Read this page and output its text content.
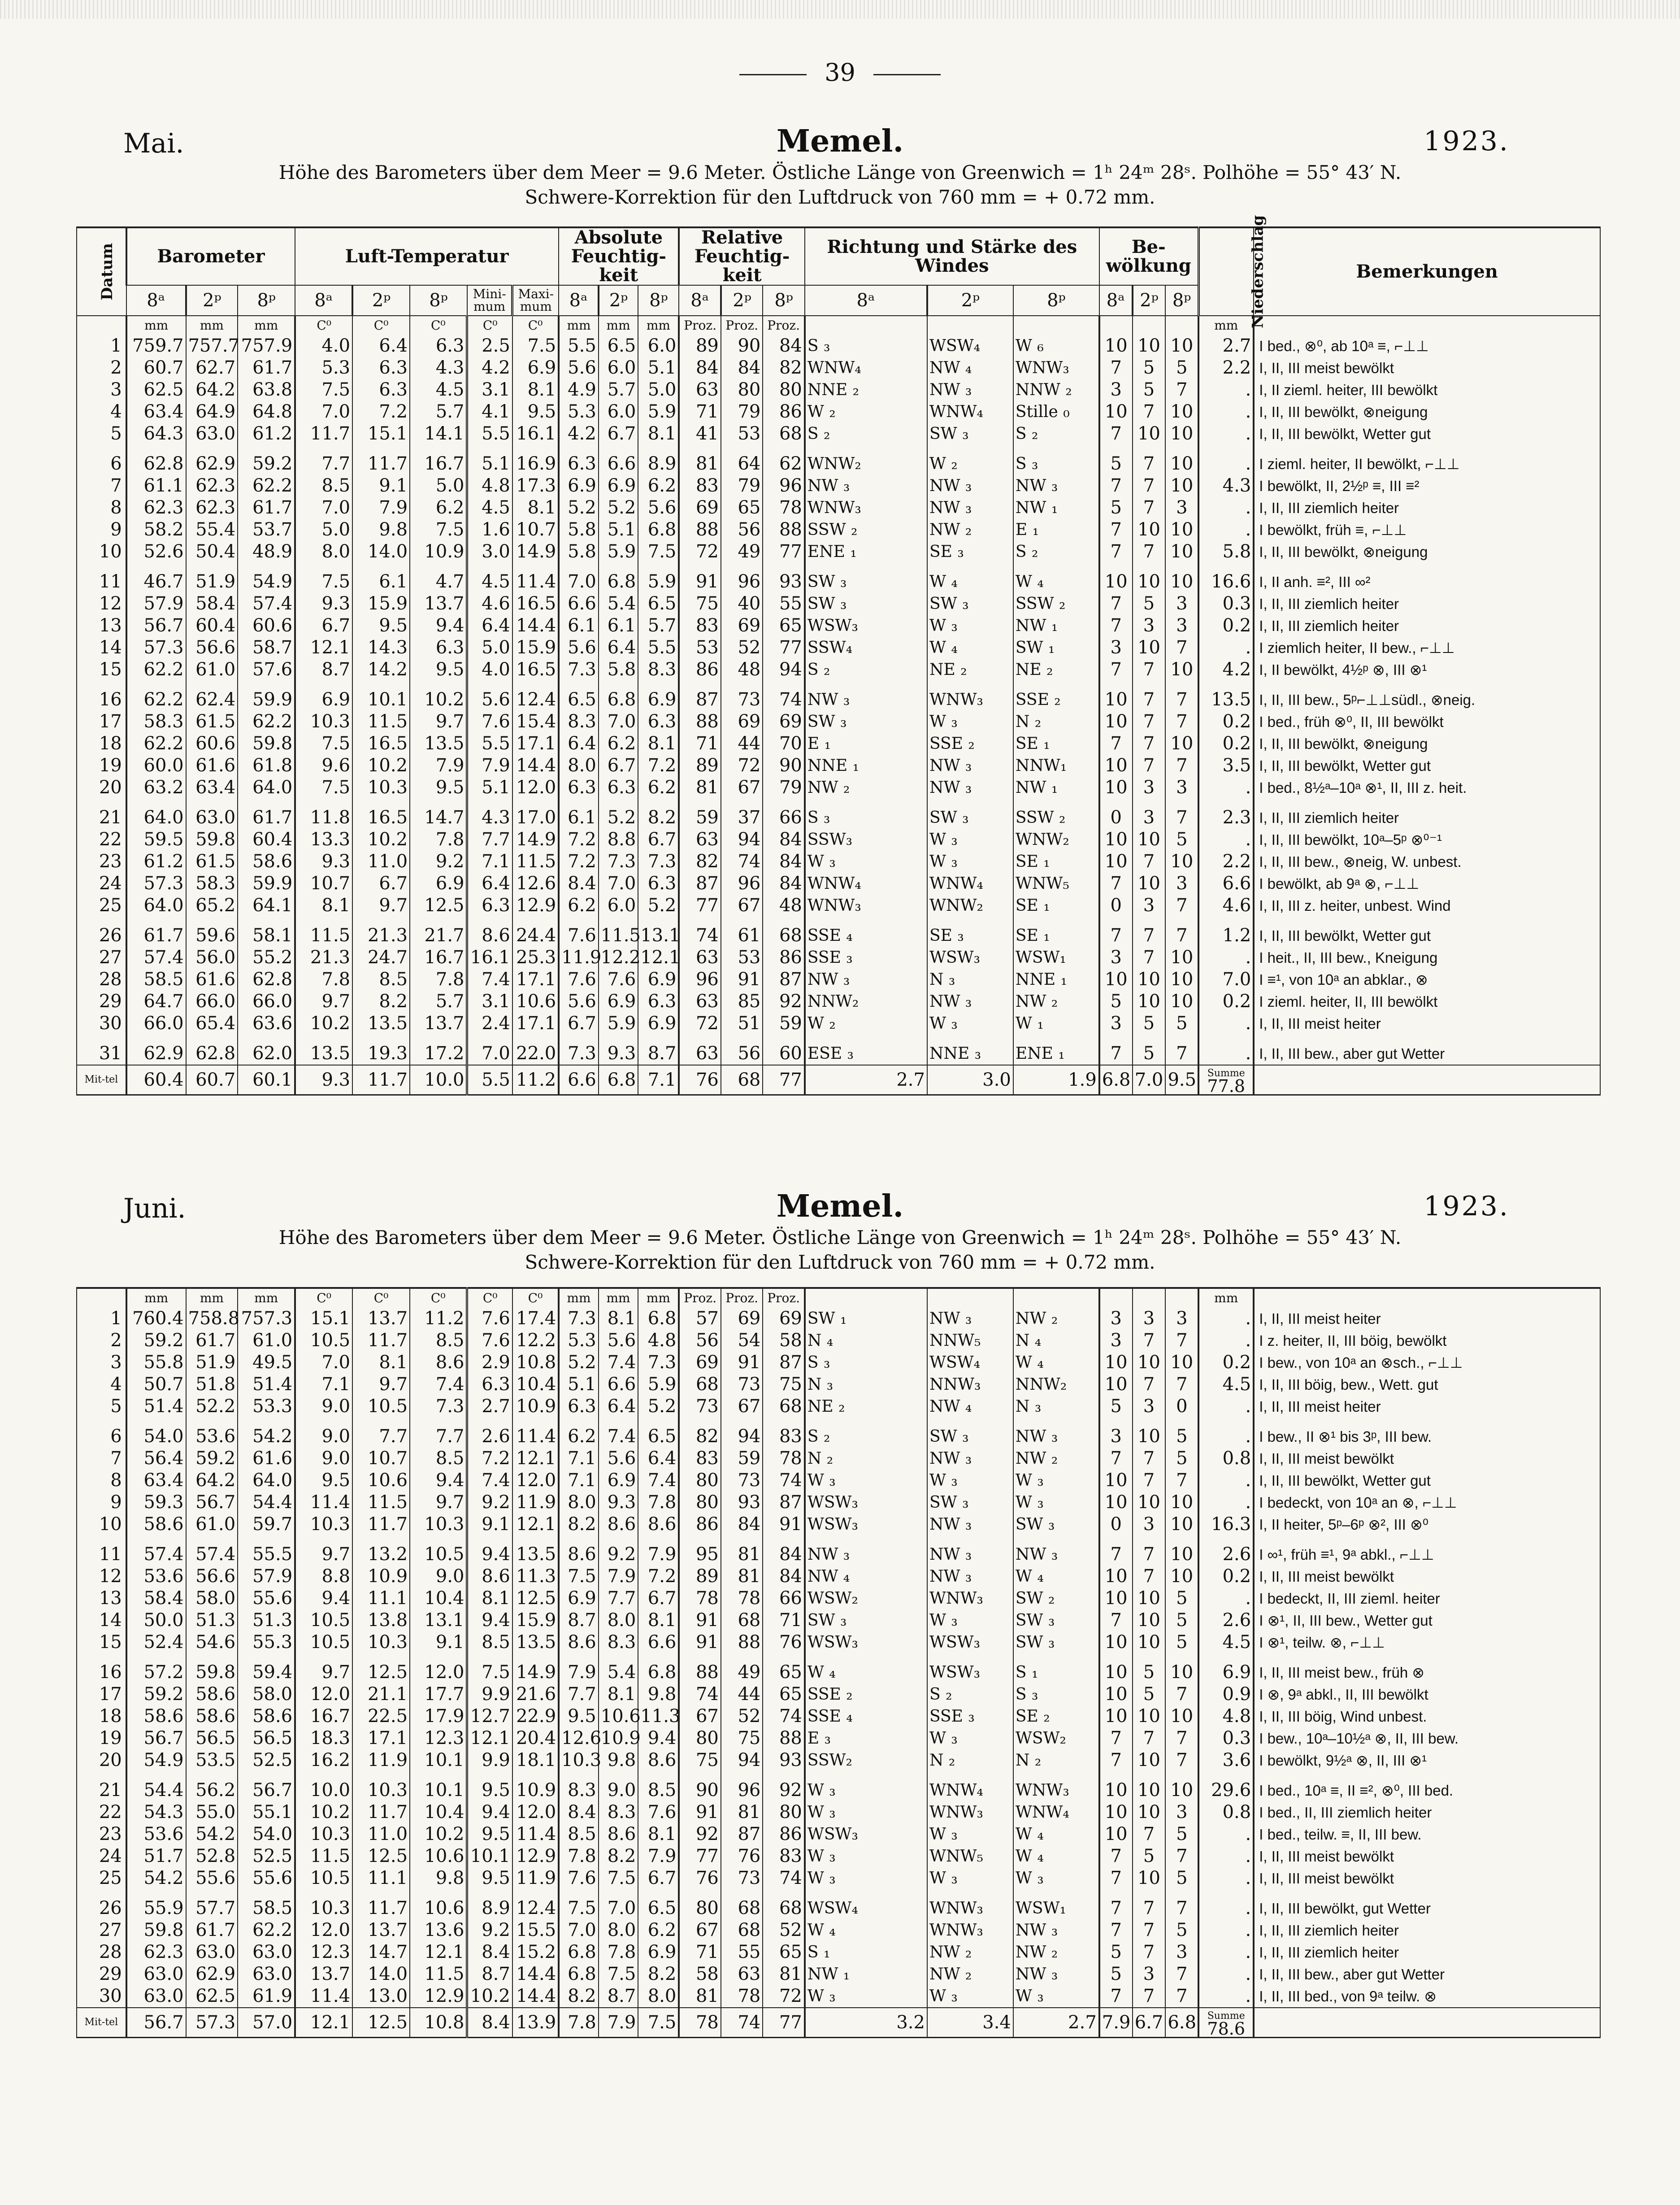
39
Mai.	Memel.	1923.
Höhe des Barometers über dem Meer = 9.6 Meter. Östliche Länge von Greenwich = 1ʰ 24ᵐ 28ˢ. Polhöhe = 55° 43′ N.
Schwere-Korrektion für den Luftdruck von 760 mm = + 0.72 mm.
Datum	Barometer			Luft-Temperatur					Absolute Feuchtig-keit			Relative Feuchtig-keit			Richtung und Stärke des Windes			Be-wölkung			Niederschlag	Bemerkungen
	8ᵃ	2ᵖ	8ᵖ	8ᵃ	2ᵖ	8ᵖ	Mini-mum	Maxi-mum	8ᵃ	2ᵖ	8ᵖ	8ᵃ	2ᵖ	8ᵖ	8ᵃ	2ᵖ	8ᵖ	8ᵃ	2ᵖ	8ᵖ		
	mm	mm	mm	C⁰	C⁰	C⁰	C⁰	C⁰	mm	mm	mm	Proz.	Proz.	Proz.							mm	
1	759.7	757.7	757.9	4.0	6.4	6.3	2.5	7.5	5.5	6.5	6.0	89	90	84	S ₃	WSW₄	W ₆	10	10	10	2.7	I bed., ⊗⁰, ab 10ᵃ ≡, ⌐⊥⊥
2	60.7	62.7	61.7	5.3	6.3	4.3	4.2	6.9	5.6	6.0	5.1	84	84	82	WNW₄	NW ₄	WNW₃	7	5	5	2.2	I, II, III meist bewölkt
3	62.5	64.2	63.8	7.5	6.3	4.5	3.1	8.1	4.9	5.7	5.0	63	80	80	NNE ₂	NW ₃	NNW ₂	3	5	7	.	I, II zieml. heiter, III bewölkt
4	63.4	64.9	64.8	7.0	7.2	5.7	4.1	9.5	5.3	6.0	5.9	71	79	86	W ₂	WNW₄	Stille ₀	10	7	10	.	I, II, III bewölkt, ⊗neigung
5	64.3	63.0	61.2	11.7	15.1	14.1	5.5	16.1	4.2	6.7	8.1	41	53	68	S ₂	SW ₃	S ₂	7	10	10	.	I, II, III bewölkt, Wetter gut

6	62.8	62.9	59.2	7.7	11.7	16.7	5.1	16.9	6.3	6.6	8.9	81	64	62	WNW₂	W ₂	S ₃	5	7	10	.	I zieml. heiter, II bewölkt, ⌐⊥⊥
7	61.1	62.3	62.2	8.5	9.1	5.0	4.8	17.3	6.9	6.9	6.2	83	79	96	NW ₃	NW ₃	NW ₃	7	7	10	4.3	I bewölkt, II, 2½ᵖ ≡, III ≡²
8	62.3	62.3	61.7	7.0	7.9	6.2	4.5	8.1	5.2	5.2	5.6	69	65	78	WNW₃	NW ₃	NW ₁	5	7	3	.	I, II, III ziemlich heiter
9	58.2	55.4	53.7	5.0	9.8	7.5	1.6	10.7	5.8	5.1	6.8	88	56	88	SSW ₂	NW ₂	E ₁	7	10	10	.	I bewölkt, früh ≡, ⌐⊥⊥
10	52.6	50.4	48.9	8.0	14.0	10.9	3.0	14.9	5.8	5.9	7.5	72	49	77	ENE ₁	SE ₃	S ₂	7	7	10	5.8	I, II, III bewölkt, ⊗neigung

11	46.7	51.9	54.9	7.5	6.1	4.7	4.5	11.4	7.0	6.8	5.9	91	96	93	SW ₃	W ₄	W ₄	10	10	10	16.6	I, II anh. ≡², III ∞²
12	57.9	58.4	57.4	9.3	15.9	13.7	4.6	16.5	6.6	5.4	6.5	75	40	55	SW ₃	SW ₃	SSW ₂	7	5	3	0.3	I, II, III ziemlich heiter
13	56.7	60.4	60.6	6.7	9.5	9.4	6.4	14.4	6.1	6.1	5.7	83	69	65	WSW₃	W ₃	NW ₁	7	3	3	0.2	I, II, III ziemlich heiter
14	57.3	56.6	58.7	12.1	14.3	6.3	5.0	15.9	5.6	6.4	5.5	53	52	77	SSW₄	W ₄	SW ₁	3	10	7	.	I ziemlich heiter, II bew., ⌐⊥⊥
15	62.2	61.0	57.6	8.7	14.2	9.5	4.0	16.5	7.3	5.8	8.3	86	48	94	S ₂	NE ₂	NE ₂	7	7	10	4.2	I, II bewölkt, 4½ᵖ ⊗, III ⊗¹

16	62.2	62.4	59.9	6.9	10.1	10.2	5.6	12.4	6.5	6.8	6.9	87	73	74	NW ₃	WNW₃	SSE ₂	10	7	7	13.5	I, II, III bew., 5ᵖ⌐⊥⊥südl., ⊗neig.
17	58.3	61.5	62.2	10.3	11.5	9.7	7.6	15.4	8.3	7.0	6.3	88	69	69	SW ₃	W ₃	N ₂	10	7	7	0.2	I bed., früh ⊗⁰, II, III bewölkt
18	62.2	60.6	59.8	7.5	16.5	13.5	5.5	17.1	6.4	6.2	8.1	71	44	70	E ₁	SSE ₂	SE ₁	7	7	10	0.2	I, II, III bewölkt, ⊗neigung
19	60.0	61.6	61.8	9.6	10.2	7.9	7.9	14.4	8.0	6.7	7.2	89	72	90	NNE ₁	NW ₃	NNW₁	10	7	7	3.5	I, II, III bewölkt, Wetter gut
20	63.2	63.4	64.0	7.5	10.3	9.5	5.1	12.0	6.3	6.3	6.2	81	67	79	NW ₂	NW ₃	NW ₁	10	3	3	.	I bed., 8½ᵃ–10ᵃ ⊗¹, II, III z. heit.

21	64.0	63.0	61.7	11.8	16.5	14.7	4.3	17.0	6.1	5.2	8.2	59	37	66	S ₃	SW ₃	SSW ₂	0	3	7	2.3	I, II, III ziemlich heiter
22	59.5	59.8	60.4	13.3	10.2	7.8	7.7	14.9	7.2	8.8	6.7	63	94	84	SSW₃	W ₃	WNW₂	10	10	5	.	I, II, III bewölkt, 10ᵃ–5ᵖ ⊗⁰⁻¹
23	61.2	61.5	58.6	9.3	11.0	9.2	7.1	11.5	7.2	7.3	7.3	82	74	84	W ₃	W ₃	SE ₁	10	7	10	2.2	I, II, III bew., ⊗neig, W. unbest.
24	57.3	58.3	59.9	10.7	6.7	6.9	6.4	12.6	8.4	7.0	6.3	87	96	84	WNW₄	WNW₄	WNW₅	7	10	3	6.6	I bewölkt, ab 9ᵃ ⊗, ⌐⊥⊥
25	64.0	65.2	64.1	8.1	9.7	12.5	6.3	12.9	6.2	6.0	5.2	77	67	48	WNW₃	WNW₂	SE ₁	0	3	7	4.6	I, II, III z. heiter, unbest. Wind

26	61.7	59.6	58.1	11.5	21.3	21.7	8.6	24.4	7.6	11.5	13.1	74	61	68	SSE ₄	SE ₃	SE ₁	7	7	7	1.2	I, II, III bewölkt, Wetter gut
27	57.4	56.0	55.2	21.3	24.7	16.7	16.1	25.3	11.9	12.2	12.1	63	53	86	SSE ₃	WSW₃	WSW₁	3	7	10	.	I heit., II, III bew., Kneigung
28	58.5	61.6	62.8	7.8	8.5	7.8	7.4	17.1	7.6	7.6	6.9	96	91	87	NW ₃	N ₃	NNE ₁	10	10	10	7.0	I ≡¹, von 10ᵃ an abklar., ⊗
29	64.7	66.0	66.0	9.7	8.2	5.7	3.1	10.6	5.6	6.9	6.3	63	85	92	NNW₂	NW ₃	NW ₂	5	10	10	0.2	I zieml. heiter, II, III bewölkt
30	66.0	65.4	63.6	10.2	13.5	13.7	2.4	17.1	6.7	5.9	6.9	72	51	59	W ₂	W ₃	W ₁	3	5	5	.	I, II, III meist heiter

31	62.9	62.8	62.0	13.5	19.3	17.2	7.0	22.0	7.3	9.3	8.7	63	56	60	ESE ₃	NNE ₃	ENE ₁	7	5	7	.	I, II, III bew., aber gut Wetter
Mit-tel	60.4	60.7	60.1	9.3	11.7	10.0	5.5	11.2	6.6	6.8	7.1	76	68	77	2.7	3.0	1.9	6.8	7.0	9.5	Summe
77.8	

Juni.	Memel.	1923.
Höhe des Barometers über dem Meer = 9.6 Meter. Östliche Länge von Greenwich = 1ʰ 24ᵐ 28ˢ. Polhöhe = 55° 43′ N.
Schwere-Korrektion für den Luftdruck von 760 mm = + 0.72 mm.
	mm	mm	mm	C⁰	C⁰	C⁰	C⁰	C⁰	mm	mm	mm	Proz.	Proz.	Proz.							mm	
1	760.4	758.8	757.3	15.1	13.7	11.2	7.6	17.4	7.3	8.1	6.8	57	69	69	SW ₁	NW ₃	NW ₂	3	3	3	.	I, II, III meist heiter
2	59.2	61.7	61.0	10.5	11.7	8.5	7.6	12.2	5.3	5.6	4.8	56	54	58	N ₄	NNW₅	N ₄	3	7	7	.	I z. heiter, II, III böig, bewölkt
3	55.8	51.9	49.5	7.0	8.1	8.6	2.9	10.8	5.2	7.4	7.3	69	91	87	S ₃	WSW₄	W ₄	10	10	10	0.2	I bew., von 10ᵃ an ⊗sch., ⌐⊥⊥
4	50.7	51.8	51.4	7.1	9.7	7.4	6.3	10.4	5.1	6.6	5.9	68	73	75	N ₃	NNW₃	NNW₂	10	7	7	4.5	I, II, III böig, bew., Wett. gut
5	51.4	52.2	53.3	9.0	10.5	7.3	2.7	10.9	6.3	6.4	5.2	73	67	68	NE ₂	NW ₄	N ₃	5	3	0	.	I, II, III meist heiter

6	54.0	53.6	54.2	9.0	7.7	7.7	2.6	11.4	6.2	7.4	6.5	82	94	83	S ₂	SW ₃	NW ₃	3	10	5	.	I bew., II ⊗¹ bis 3ᵖ, III bew.
7	56.4	59.2	61.6	9.0	10.7	8.5	7.2	12.1	7.1	5.6	6.4	83	59	78	N ₂	NW ₃	NW ₂	7	7	5	0.8	I, II, III meist bewölkt
8	63.4	64.2	64.0	9.5	10.6	9.4	7.4	12.0	7.1	6.9	7.4	80	73	74	W ₃	W ₃	W ₃	10	7	7	.	I, II, III bewölkt, Wetter gut
9	59.3	56.7	54.4	11.4	11.5	9.7	9.2	11.9	8.0	9.3	7.8	80	93	87	WSW₃	SW ₃	W ₃	10	10	10	.	I bedeckt, von 10ᵃ an ⊗, ⌐⊥⊥
10	58.6	61.0	59.7	10.3	11.7	10.3	9.1	12.1	8.2	8.6	8.6	86	84	91	WSW₃	NW ₃	SW ₃	0	3	10	16.3	I, II heiter, 5ᵖ–6ᵖ ⊗², III ⊗⁰

11	57.4	57.4	55.5	9.7	13.2	10.5	9.4	13.5	8.6	9.2	7.9	95	81	84	NW ₃	NW ₃	NW ₃	7	7	10	2.6	I ∞¹, früh ≡¹, 9ᵃ abkl., ⌐⊥⊥
12	53.6	56.6	57.9	8.8	10.9	9.0	8.6	11.3	7.5	7.9	7.2	89	81	84	NW ₄	NW ₃	W ₄	10	7	10	0.2	I, II, III meist bewölkt
13	58.4	58.0	55.6	9.4	11.1	10.4	8.1	12.5	6.9	7.7	6.7	78	78	66	WSW₂	WNW₃	SW ₂	10	10	5	.	I bedeckt, II, III zieml. heiter
14	50.0	51.3	51.3	10.5	13.8	13.1	9.4	15.9	8.7	8.0	8.1	91	68	71	SW ₃	W ₃	SW ₃	7	10	5	2.6	I ⊗¹, II, III bew., Wetter gut
15	52.4	54.6	55.3	10.5	10.3	9.1	8.5	13.5	8.6	8.3	6.6	91	88	76	WSW₃	WSW₃	SW ₃	10	10	5	4.5	I ⊗¹, teilw. ⊗, ⌐⊥⊥

16	57.2	59.8	59.4	9.7	12.5	12.0	7.5	14.9	7.9	5.4	6.8	88	49	65	W ₄	WSW₃	S ₁	10	5	10	6.9	I, II, III meist bew., früh ⊗
17	59.2	58.6	58.0	12.0	21.1	17.7	9.9	21.6	7.7	8.1	9.8	74	44	65	SSE ₂	S ₂	S ₃	10	5	7	0.9	I ⊗, 9ᵃ abkl., II, III bewölkt
18	58.6	58.6	58.6	16.7	22.5	17.9	12.7	22.9	9.5	10.6	11.3	67	52	74	SSE ₄	SSE ₃	SE ₂	10	10	10	4.8	I, II, III böig, Wind unbest.
19	56.7	56.5	56.5	18.3	17.1	12.3	12.1	20.4	12.6	10.9	9.4	80	75	88	E ₃	W ₃	WSW₂	7	7	7	0.3	I bew., 10ᵃ–10½ᵃ ⊗, II, III bew.
20	54.9	53.5	52.5	16.2	11.9	10.1	9.9	18.1	10.3	9.8	8.6	75	94	93	SSW₂	N ₂	N ₂	7	10	7	3.6	I bewölkt, 9½ᵃ ⊗, II, III ⊗¹

21	54.4	56.2	56.7	10.0	10.3	10.1	9.5	10.9	8.3	9.0	8.5	90	96	92	W ₃	WNW₄	WNW₃	10	10	10	29.6	I bed., 10ᵃ ≡, II ≡², ⊗⁰, III bed.
22	54.3	55.0	55.1	10.2	11.7	10.4	9.4	12.0	8.4	8.3	7.6	91	81	80	W ₃	WNW₃	WNW₄	10	10	3	0.8	I bed., II, III ziemlich heiter
23	53.6	54.2	54.0	10.3	11.0	10.2	9.5	11.4	8.5	8.6	8.1	92	87	86	WSW₃	W ₃	W ₄	10	7	5	.	I bed., teilw. ≡, II, III bew.
24	51.7	52.8	52.5	11.5	12.5	10.6	10.1	12.9	7.8	8.2	7.9	77	76	83	W ₃	WNW₅	W ₄	7	5	7	.	I, II, III meist bewölkt
25	54.2	55.6	55.6	10.5	11.1	9.8	9.5	11.9	7.6	7.5	6.7	76	73	74	W ₃	W ₃	W ₃	7	10	5	.	I, II, III meist bewölkt

26	55.9	57.7	58.5	10.3	11.7	10.6	8.9	12.4	7.5	7.0	6.5	80	68	68	WSW₄	WNW₃	WSW₁	7	7	7	.	I, II, III bewölkt, gut Wetter
27	59.8	61.7	62.2	12.0	13.7	13.6	9.2	15.5	7.0	8.0	6.2	67	68	52	W ₄	WNW₃	NW ₃	7	7	5	.	I, II, III ziemlich heiter
28	62.3	63.0	63.0	12.3	14.7	12.1	8.4	15.2	6.8	7.8	6.9	71	55	65	S ₁	NW ₂	NW ₂	5	7	3	.	I, II, III ziemlich heiter
29	63.0	62.9	63.0	13.7	14.0	11.5	8.7	14.4	6.8	7.5	8.2	58	63	81	NW ₁	NW ₂	NW ₃	5	3	7	.	I, II, III bew., aber gut Wetter
30	63.0	62.5	61.9	11.4	13.0	12.9	10.2	14.4	8.2	8.7	8.0	81	78	72	W ₃	W ₃	W ₃	7	7	7	.	I, II, III bed., von 9ᵃ teilw. ⊗
Mit-tel	56.7	57.3	57.0	12.1	12.5	10.8	8.4	13.9	7.8	7.9	7.5	78	74	77	3.2	3.4	2.7	7.9	6.7	6.8	Summe
78.6	
